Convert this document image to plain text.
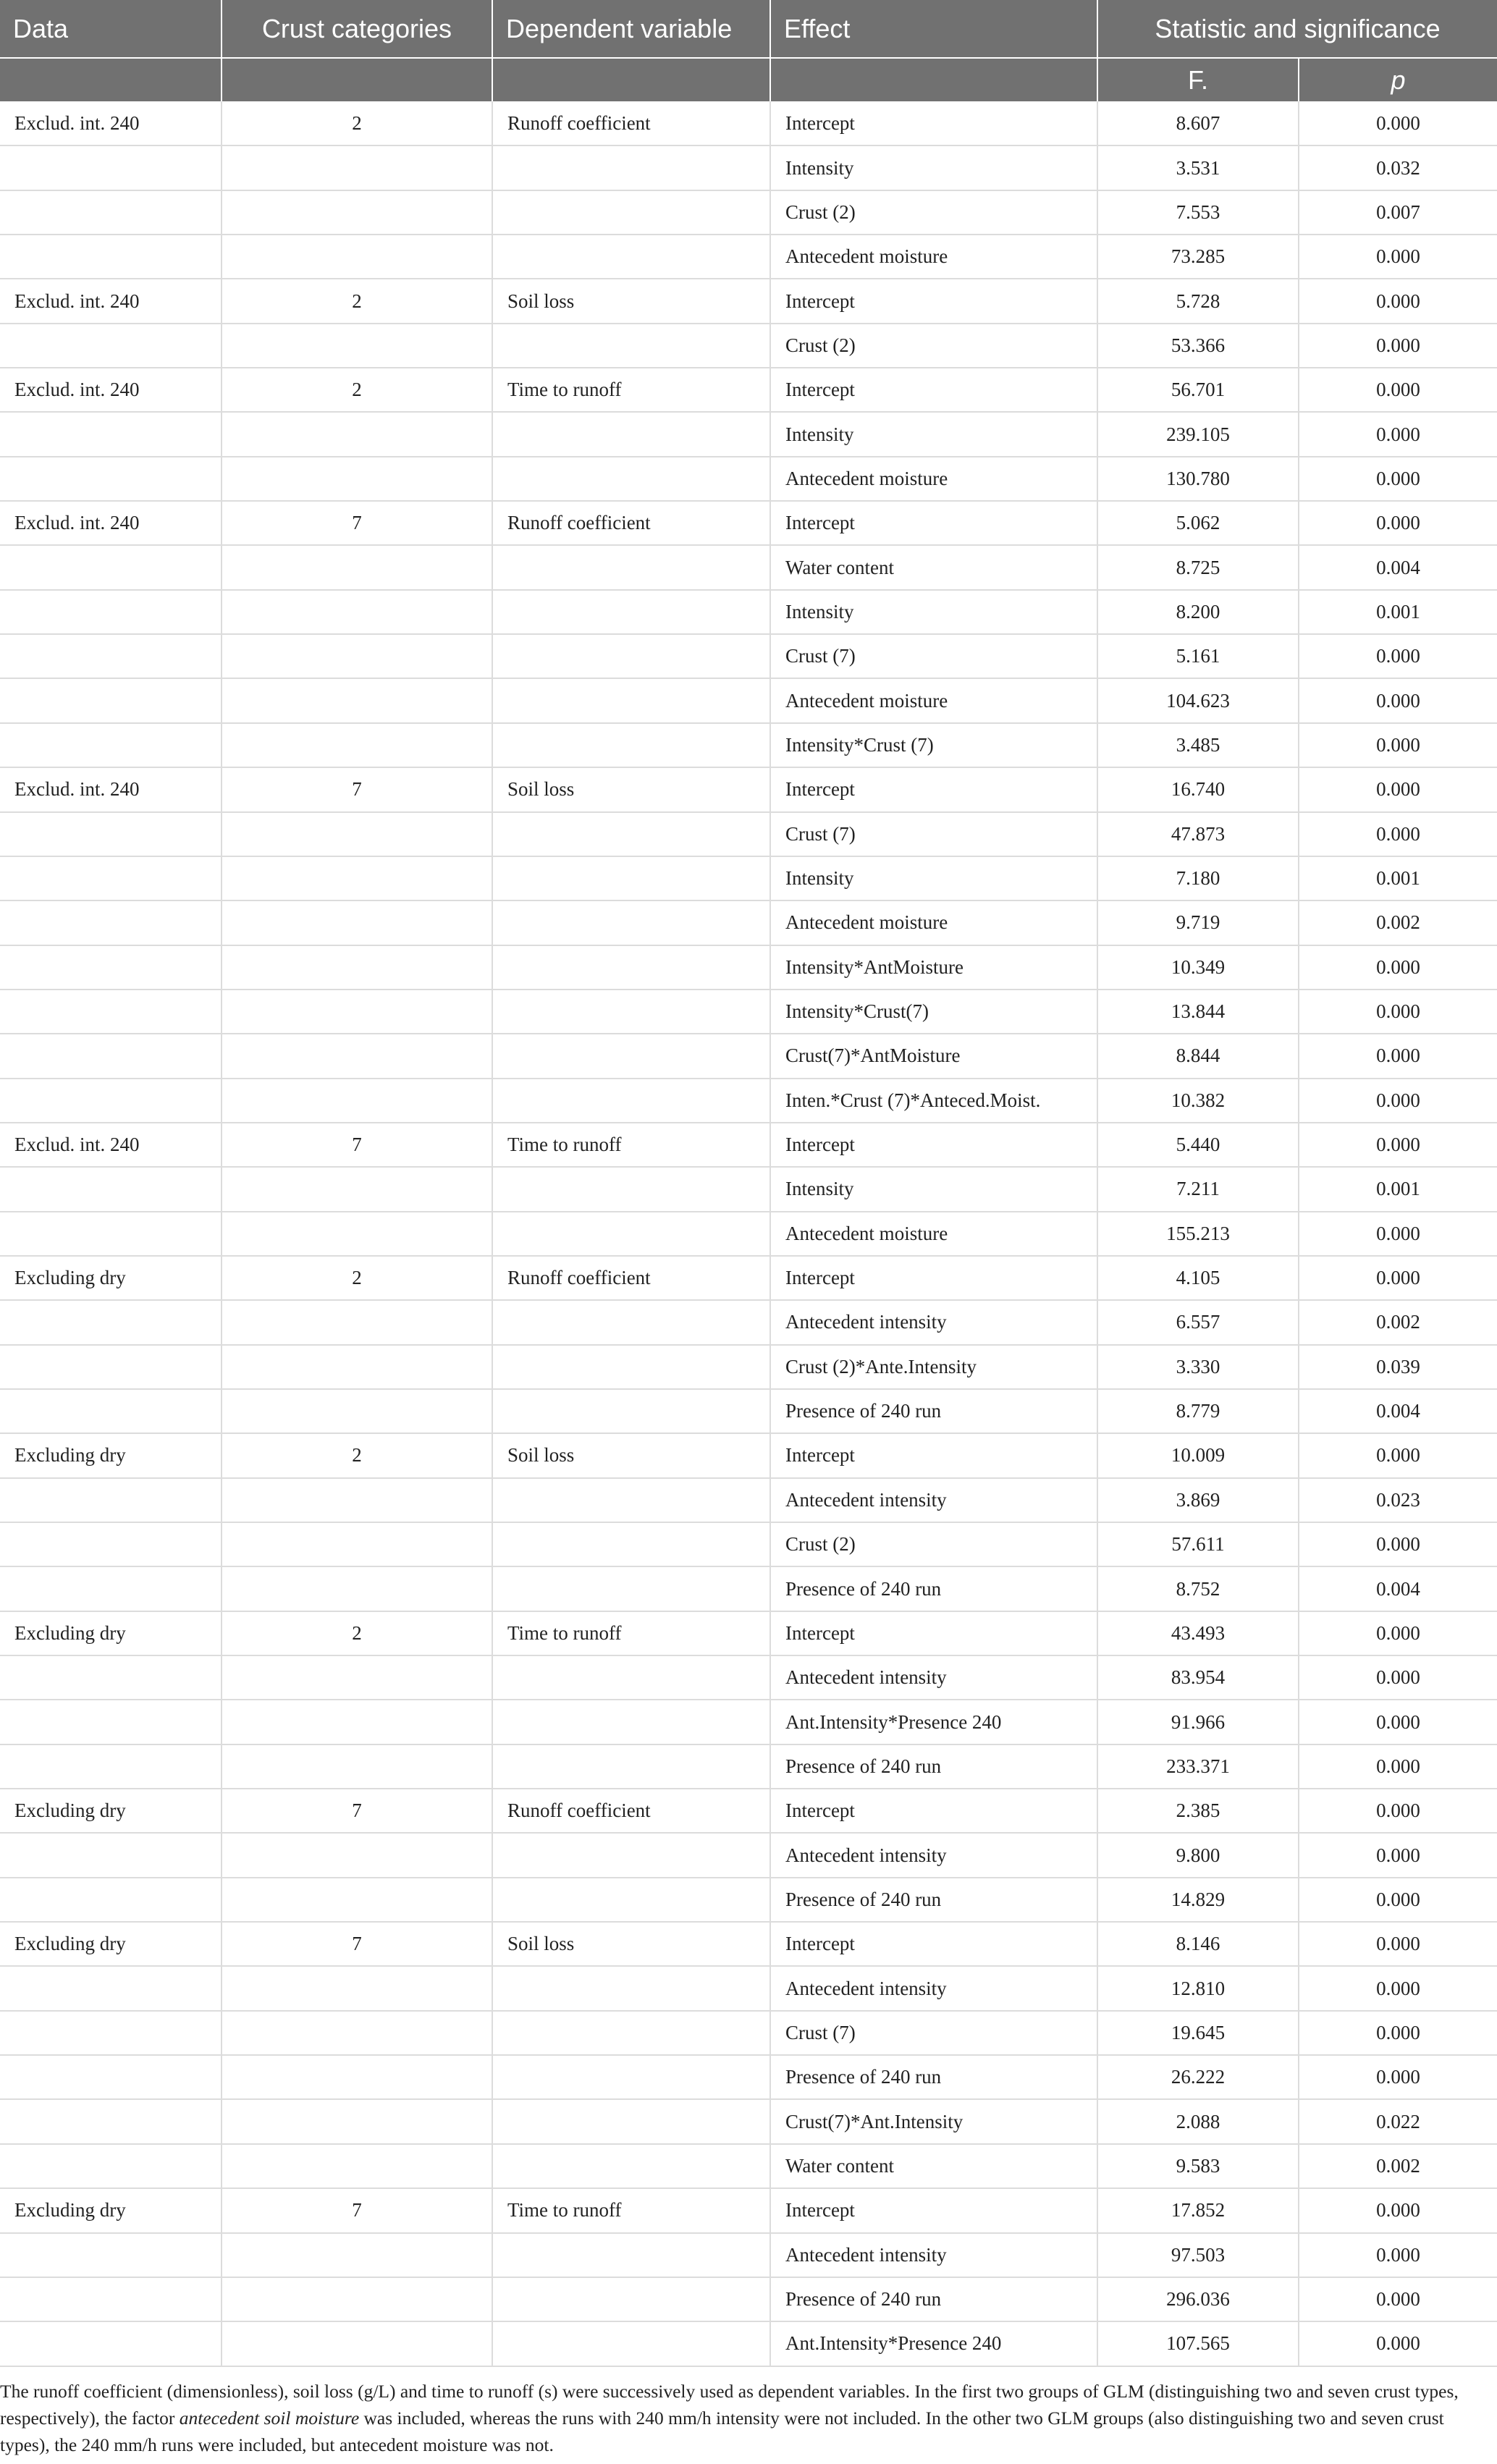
Data	Crust categories	Dependent variable	Effect	Statistic and significance	
				F.	p
Exclud. int. 240	2	Runoff coefficient	Intercept	8.607	0.000
			Intensity	3.531	0.032
			Crust (2)	7.553	0.007
			Antecedent moisture	73.285	0.000
Exclud. int. 240	2	Soil loss	Intercept	5.728	0.000
			Crust (2)	53.366	0.000
Exclud. int. 240	2	Time to runoff	Intercept	56.701	0.000
			Intensity	239.105	0.000
			Antecedent moisture	130.780	0.000
Exclud. int. 240	7	Runoff coefficient	Intercept	5.062	0.000
			Water content	8.725	0.004
			Intensity	8.200	0.001
			Crust (7)	5.161	0.000
			Antecedent moisture	104.623	0.000
			Intensity*Crust (7)	3.485	0.000
Exclud. int. 240	7	Soil loss	Intercept	16.740	0.000
			Crust (7)	47.873	0.000
			Intensity	7.180	0.001
			Antecedent moisture	9.719	0.002
			Intensity*AntMoisture	10.349	0.000
			Intensity*Crust(7)	13.844	0.000
			Crust(7)*AntMoisture	8.844	0.000
			Inten.*Crust (7)*Anteced.Moist.	10.382	0.000
Exclud. int. 240	7	Time to runoff	Intercept	5.440	0.000
			Intensity	7.211	0.001
			Antecedent moisture	155.213	0.000
Excluding dry	2	Runoff coefficient	Intercept	4.105	0.000
			Antecedent intensity	6.557	0.002
			Crust (2)*Ante.Intensity	3.330	0.039
			Presence of 240 run	8.779	0.004
Excluding dry	2	Soil loss	Intercept	10.009	0.000
			Antecedent intensity	3.869	0.023
			Crust (2)	57.611	0.000
			Presence of 240 run	8.752	0.004
Excluding dry	2	Time to runoff	Intercept	43.493	0.000
			Antecedent intensity	83.954	0.000
			Ant.Intensity*Presence 240	91.966	0.000
			Presence of 240 run	233.371	0.000
Excluding dry	7	Runoff coefficient	Intercept	2.385	0.000
			Antecedent intensity	9.800	0.000
			Presence of 240 run	14.829	0.000
Excluding dry	7	Soil loss	Intercept	8.146	0.000
			Antecedent intensity	12.810	0.000
			Crust (7)	19.645	0.000
			Presence of 240 run	26.222	0.000
			Crust(7)*Ant.Intensity	2.088	0.022
			Water content	9.583	0.002
Excluding dry	7	Time to runoff	Intercept	17.852	0.000
			Antecedent intensity	97.503	0.000
			Presence of 240 run	296.036	0.000
			Ant.Intensity*Presence 240	107.565	0.000
The runoff coefficient (dimensionless), soil loss (g/L) and time to runoff (s) were successively used as dependent variables. In the first two groups of GLM (distinguishing two and seven crust types, respectively), the factor antecedent soil moisture was included, whereas the runs with 240 mm/h intensity were not included. In the other two GLM groups (also distinguishing two and seven crust types), the 240 mm/h runs were included, but antecedent moisture was not.
